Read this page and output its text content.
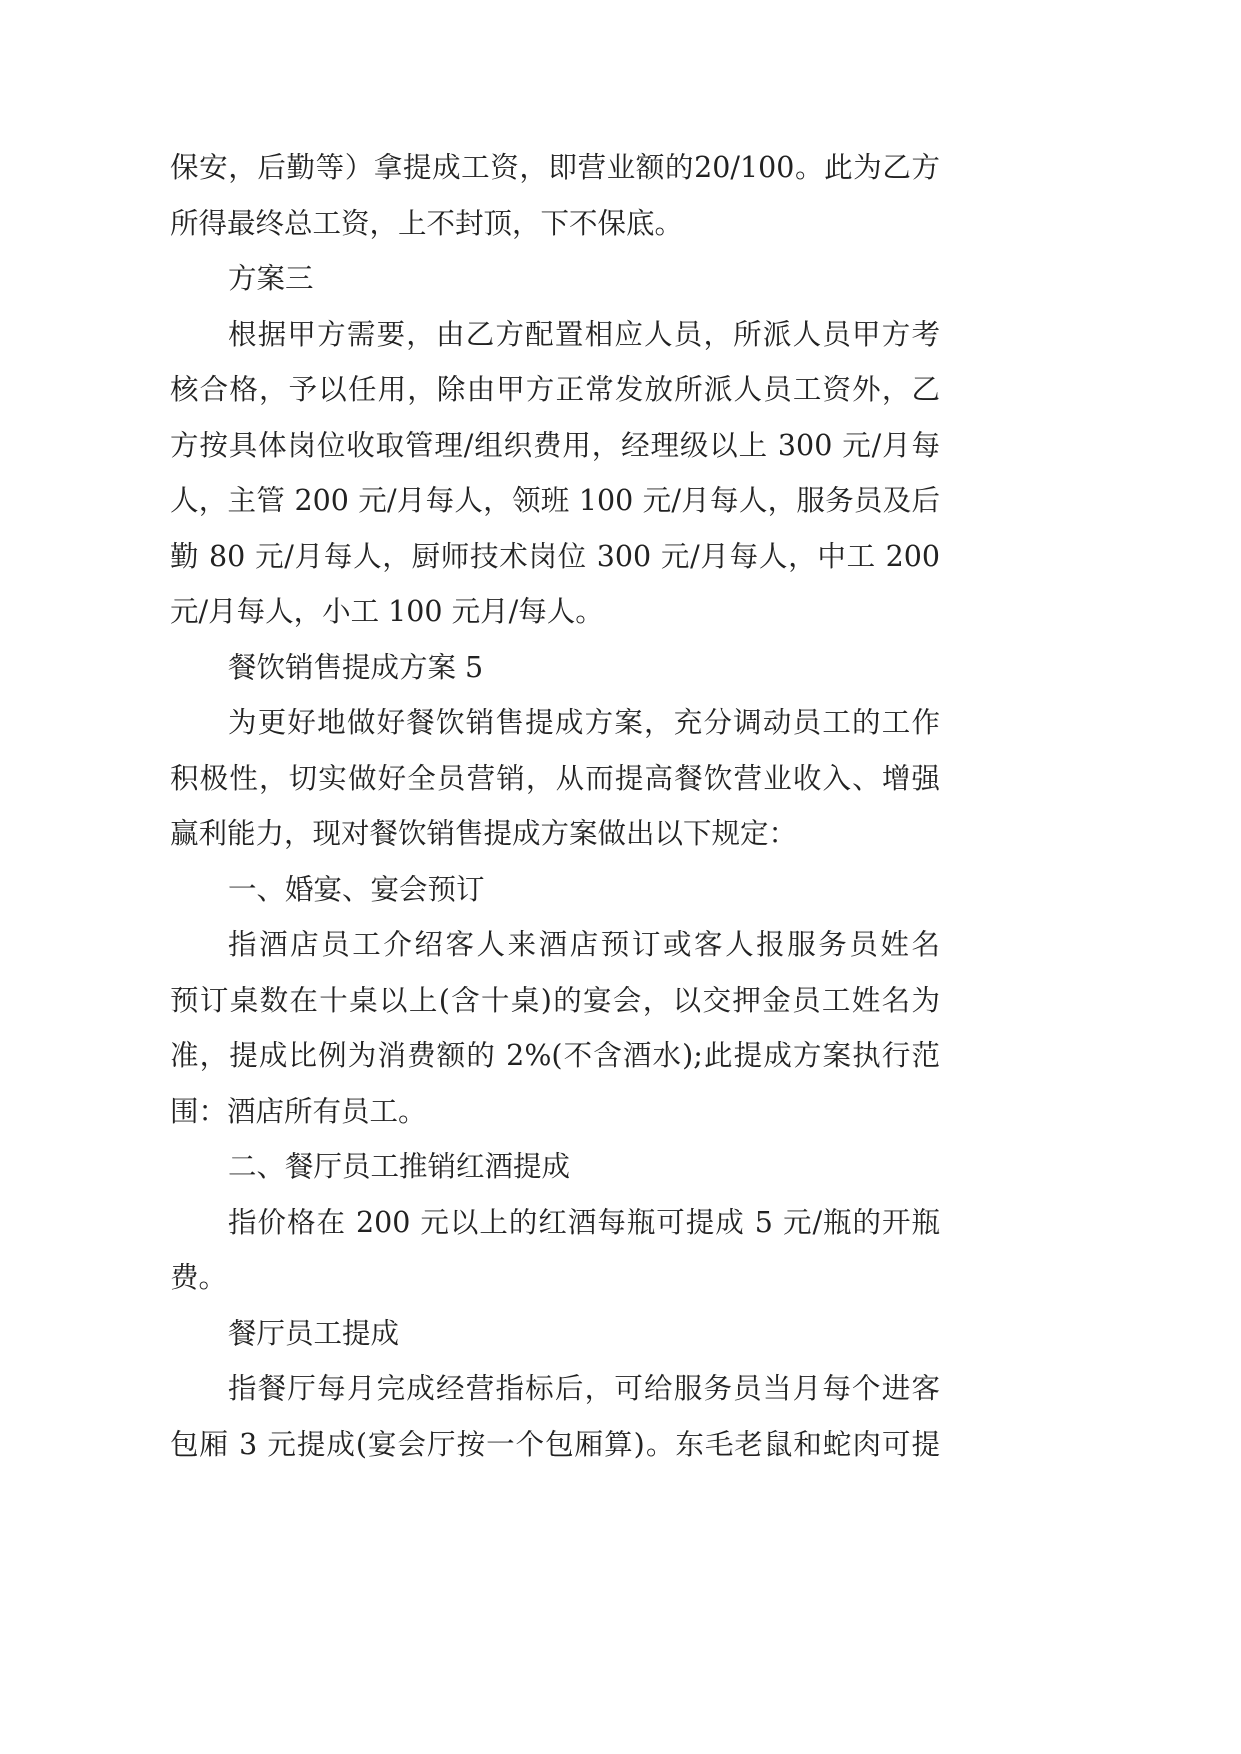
保安，后勤等）拿提成工资，即营业额的20/100。此为乙方
所得最终总工资，上不封顶，下不保底。
方案三
根据甲方需要，由乙方配置相应人员，所派人员甲方考
核合格，予以任用，除由甲方正常发放所派人员工资外，乙
方按具体岗位收取管理/组织费用，经理级以上 300 元/月每
人，主管 200 元/月每人，领班 100 元/月每人，服务员及后
勤 80 元/月每人，厨师技术岗位 300 元/月每人，中工 200
元/月每人，小工 100 元月/每人。
餐饮销售提成方案 5
为更好地做好餐饮销售提成方案，充分调动员工的工作
积极性，切实做好全员营销，从而提高餐饮营业收入、增强
赢利能力，现对餐饮销售提成方案做出以下规定：
一、婚宴、宴会预订
指酒店员工介绍客人来酒店预订或客人报服务员姓名
预订桌数在十桌以上(含十桌)的宴会，以交押金员工姓名为
准，提成比例为消费额的 2%(不含酒水);此提成方案执行范
围：酒店所有员工。
二、餐厅员工推销红酒提成
指价格在 200 元以上的红酒每瓶可提成 5 元/瓶的开瓶
费。
餐厅员工提成
指餐厅每月完成经营指标后，可给服务员当月每个进客
包厢 3 元提成(宴会厅按一个包厢算)。东毛老鼠和蛇肉可提
